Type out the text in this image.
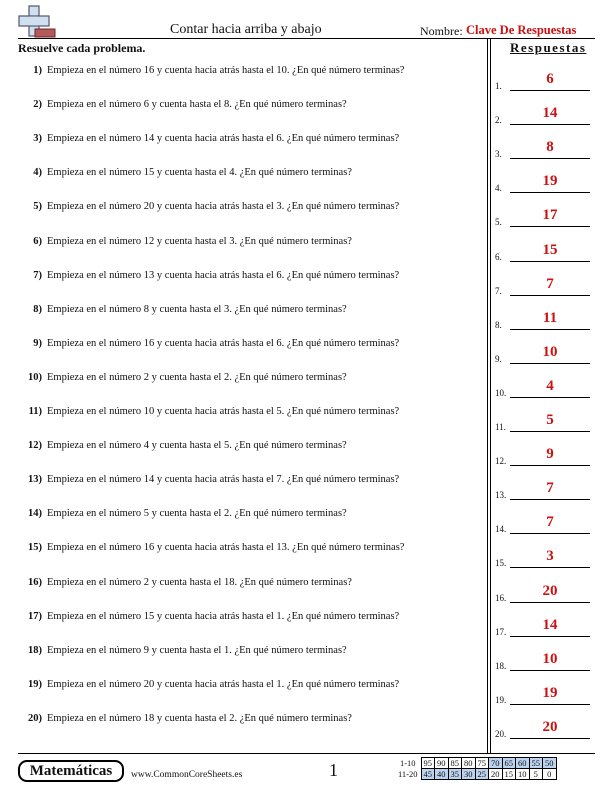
Contar hacia arriba y abajo	Nombre: Clave De Respuestas
Resuelve cada problema.	Respuestas
1) Empieza en el número 16 y cuenta hacia atrás hasta el 10. ¿En qué número terminas?
2) Empieza en el número 6 y cuenta hasta el 8. ¿En qué número terminas?
3) Empieza en el número 14 y cuenta hacia atrás hasta el 6. ¿En qué número terminas?
4) Empieza en el número 15 y cuenta hasta el 4. ¿En qué número terminas?
5) Empieza en el número 20 y cuenta hacia atrás hasta el 3. ¿En qué número terminas?
6) Empieza en el número 12 y cuenta hasta el 3. ¿En qué número terminas?
7) Empieza en el número 13 y cuenta hacia atrás hasta el 6. ¿En qué número terminas?
8) Empieza en el número 8 y cuenta hasta el 3. ¿En qué número terminas?
9) Empieza en el número 16 y cuenta hacia atrás hasta el 6. ¿En qué número terminas?
10) Empieza en el número 2 y cuenta hasta el 2. ¿En qué número terminas?
11) Empieza en el número 10 y cuenta hacia atrás hasta el 5. ¿En qué número terminas?
12) Empieza en el número 4 y cuenta hasta el 5. ¿En qué número terminas?
13) Empieza en el número 14 y cuenta hacia atrás hasta el 7. ¿En qué número terminas?
14) Empieza en el número 5 y cuenta hasta el 2. ¿En qué número terminas?
15) Empieza en el número 16 y cuenta hacia atrás hasta el 13. ¿En qué número terminas?
16) Empieza en el número 2 y cuenta hasta el 18. ¿En qué número terminas?
17) Empieza en el número 15 y cuenta hacia atrás hasta el 1. ¿En qué número terminas?
18) Empieza en el número 9 y cuenta hasta el 1. ¿En qué número terminas?
19) Empieza en el número 20 y cuenta hacia atrás hasta el 1. ¿En qué número terminas?
20) Empieza en el número 18 y cuenta hasta el 2. ¿En qué número terminas?
1.	6
2.	14
3.	8
4.	19
5.	17
6.	15
7.	7
8.	11
9.	10
10.	4
11.	5
12.	9
13.	7
14.	7
15.	3
16.	20
17.	14
18.	10
19.	19
20.	20
Matemáticas	www.CommonCoreSheets.es	1	1-10	95	90	85	80	75	70	65	60	55	50
11-20	45	40	35	30	25	20	15	10	5	0
